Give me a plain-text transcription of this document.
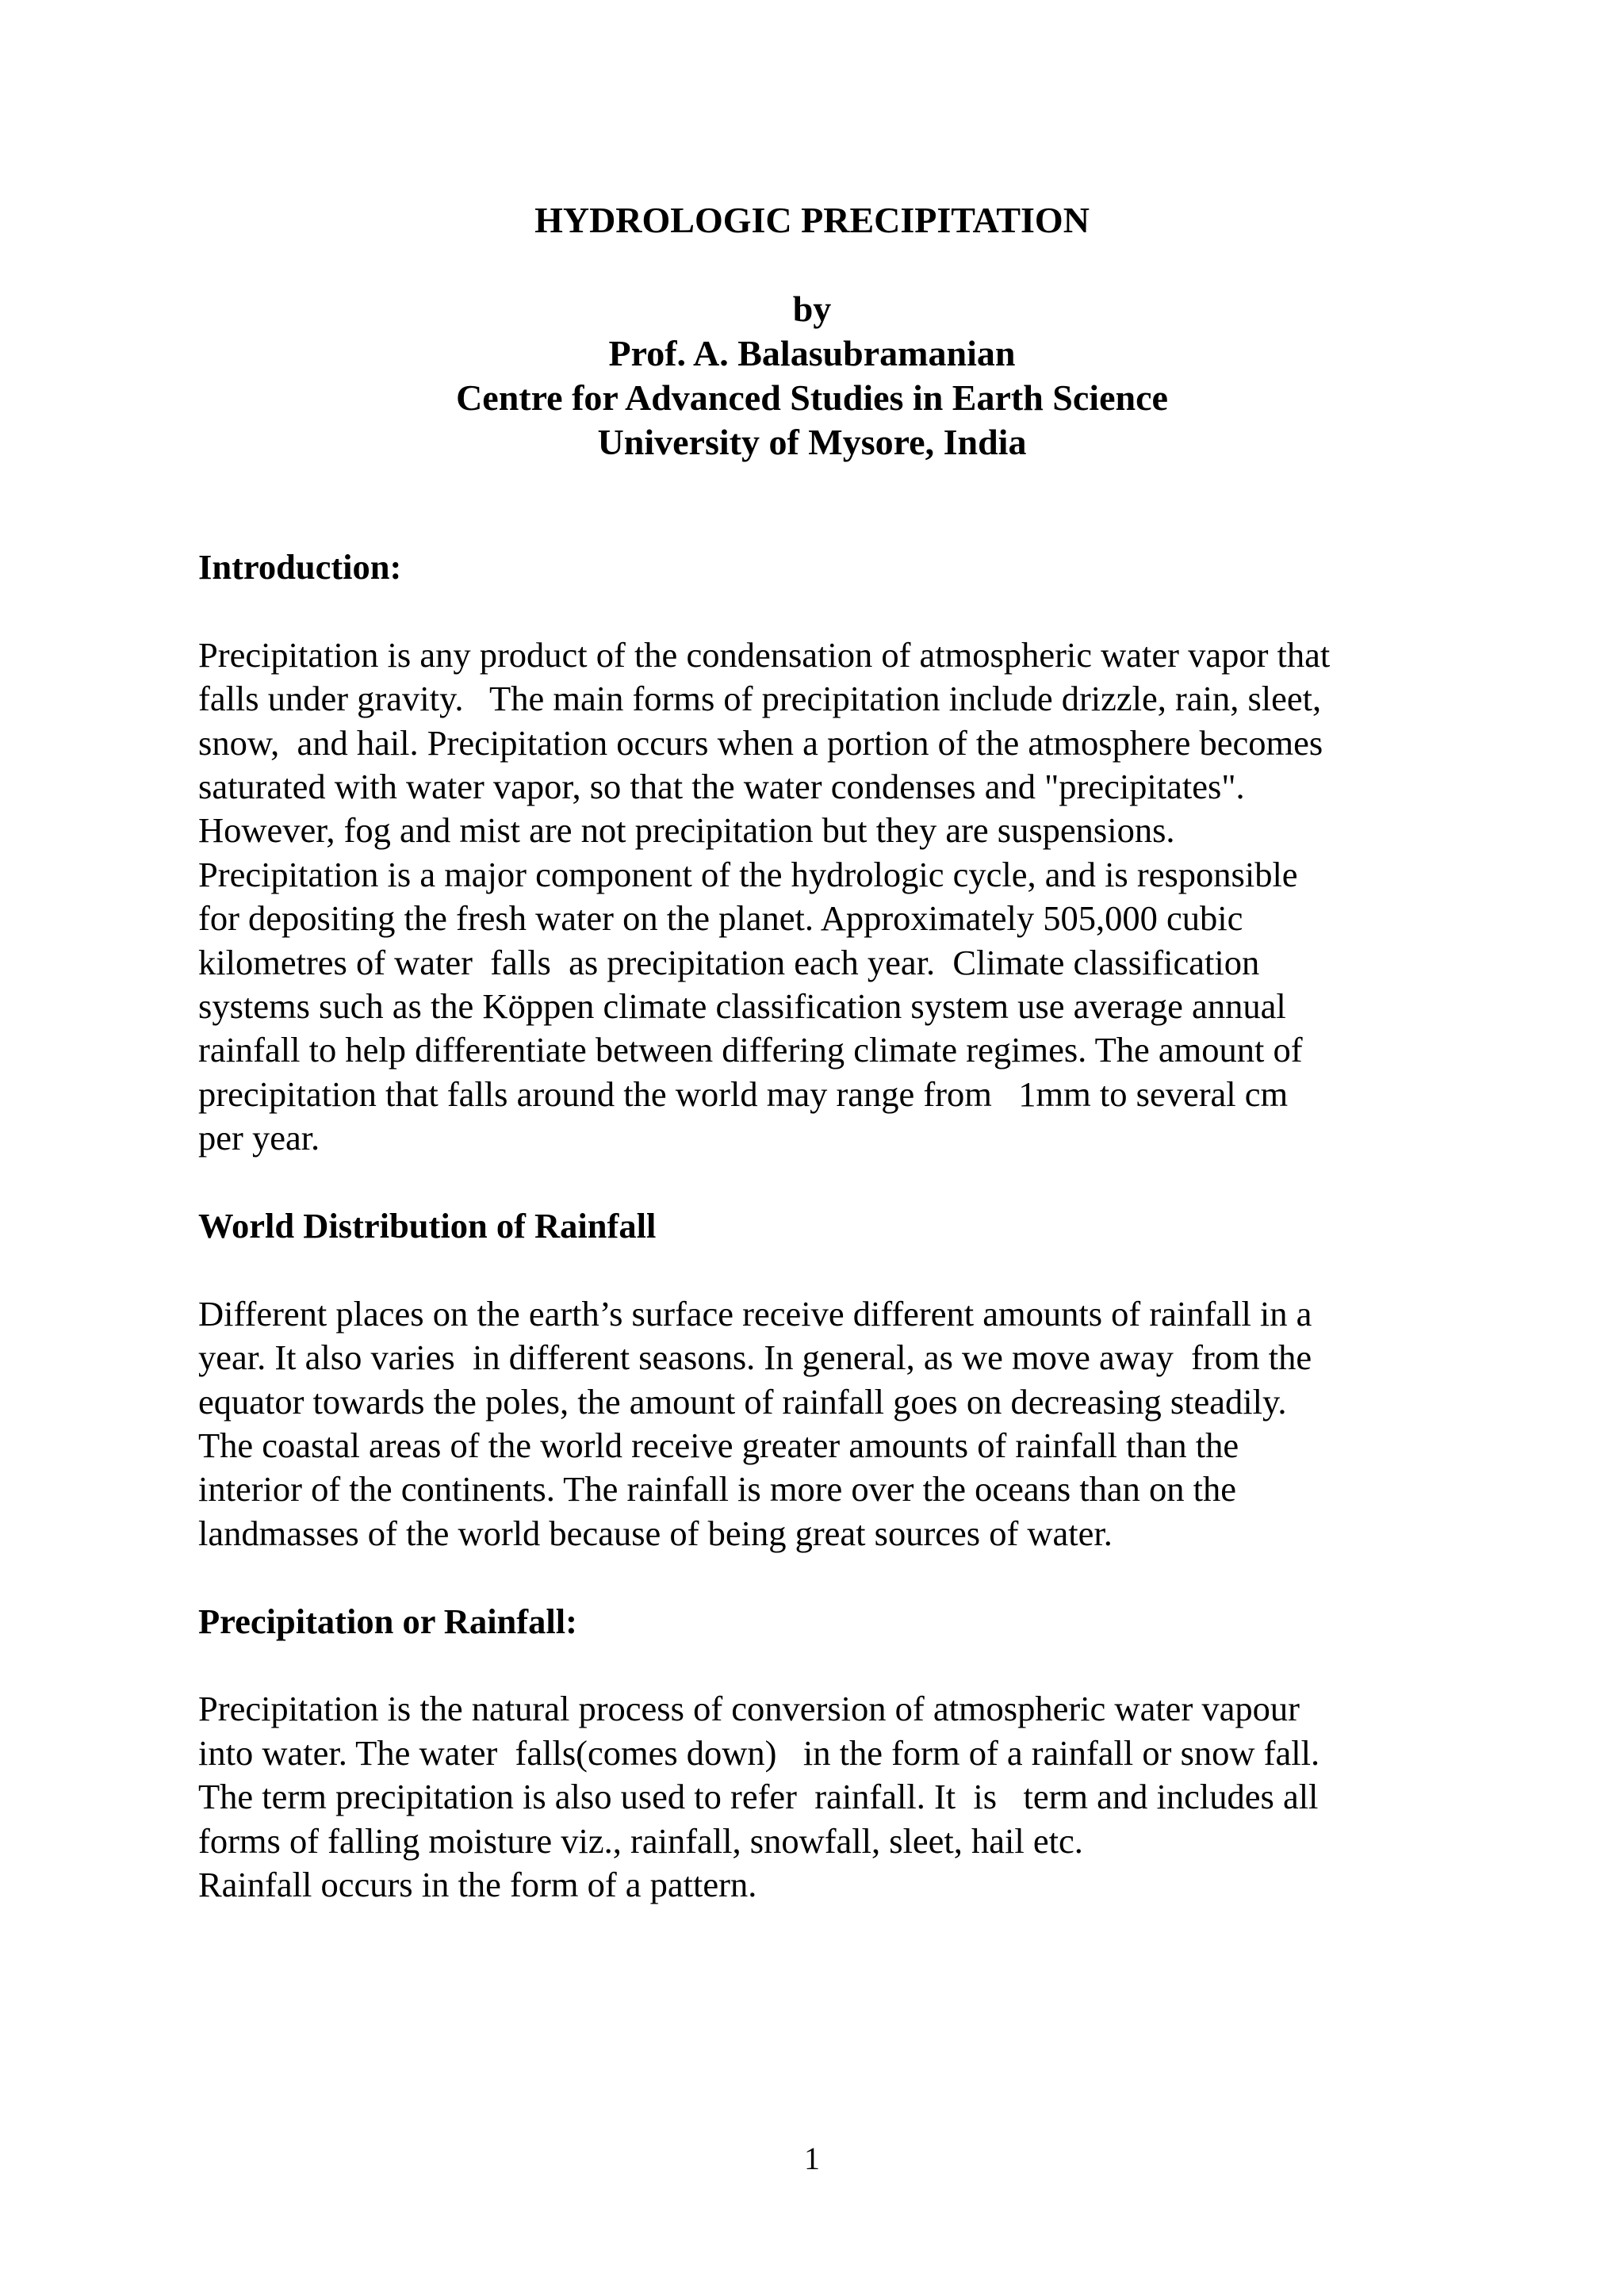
HYDROLOGIC PRECIPITATION
by
Prof. A. Balasubramanian
Centre for Advanced Studies in Earth Science
University of Mysore, India

Introduction:

Precipitation is any product of the condensation of atmospheric water vapor that
falls under gravity.   The main forms of precipitation include drizzle, rain, sleet,
snow,  and hail. Precipitation occurs when a portion of the atmosphere becomes
saturated with water vapor, so that the water condenses and "precipitates".
However, fog and mist are not precipitation but they are suspensions.
Precipitation is a major component of the hydrologic cycle, and is responsible
for depositing the fresh water on the planet. Approximately 505,000 cubic
kilometres of water  falls  as precipitation each year.  Climate classification
systems such as the Köppen climate classification system use average annual
rainfall to help differentiate between differing climate regimes. The amount of
precipitation that falls around the world may range from   1mm to several cm
per year.

World Distribution of Rainfall

Different places on the earth’s surface receive different amounts of rainfall in a
year. It also varies  in different seasons. In general, as we move away  from the
equator towards the poles, the amount of rainfall goes on decreasing steadily.
The coastal areas of the world receive greater amounts of rainfall than the
interior of the continents. The rainfall is more over the oceans than on the
landmasses of the world because of being great sources of water.

Precipitation or Rainfall:

Precipitation is the natural process of conversion of atmospheric water vapour
into water. The water  falls(comes down)   in the form of a rainfall or snow fall.
The term precipitation is also used to refer  rainfall. It  is   term and includes all
forms of falling moisture viz., rainfall, snowfall, sleet, hail etc.
Rainfall occurs in the form of a pattern.
1
